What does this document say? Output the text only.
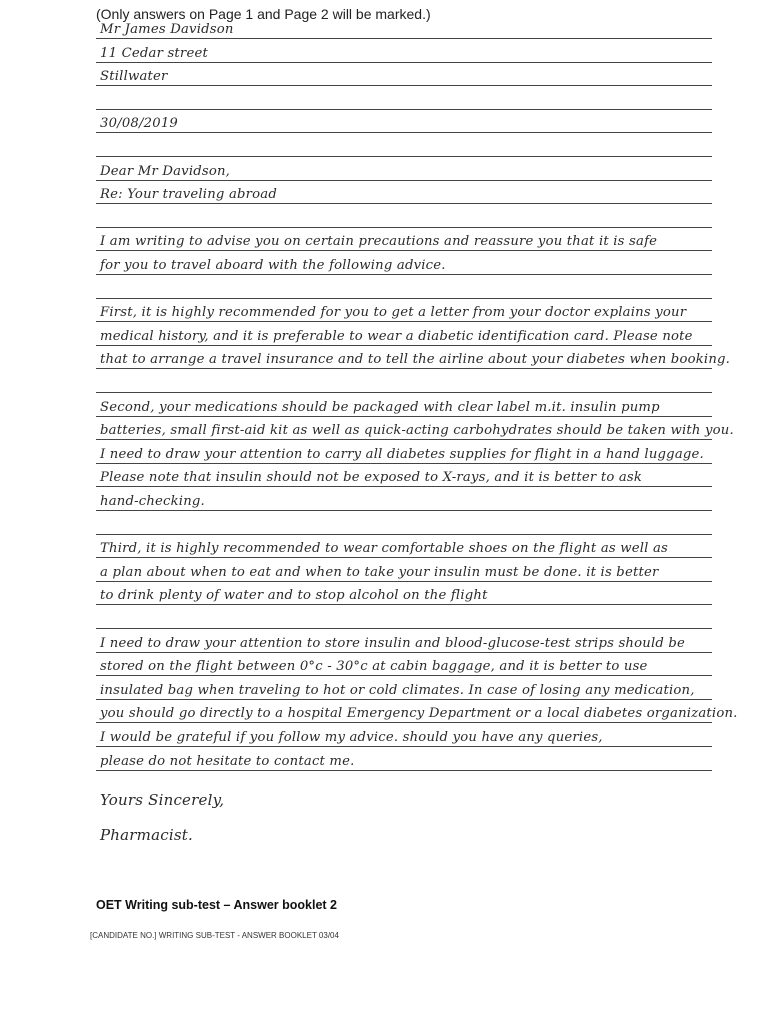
(Only answers on Page 1 and Page 2 will be marked.)
Mr James Davidson
11 Cedar street
Stillwater
30/08/2019
Dear Mr Davidson,
Re: Your traveling abroad
I am writing to advise you on certain precautions and reassure you that it is safe
for you to travel aboard with the following advice.
First, it is highly recommended for you to get a letter from your doctor explains your
medical history, and it is preferable to wear a diabetic identification card. Please note
that to arrange a travel insurance and to tell the airline about your diabetes when booking.
Second, your medications should be packaged with clear label m.it. insulin pump
batteries, small first-aid kit as well as quick-acting carbohydrates should be taken with you.
I need to draw your attention to carry all diabetes supplies for flight in a hand luggage.
Please note that insulin should not be exposed to X-rays, and it is better to ask
hand-checking.
Third, it is highly recommended to wear comfortable shoes on the flight as well as
a plan about when to eat and when to take your insulin must be done. it is better
to drink plenty of water and to stop alcohol on the flight
I need to draw your attention to store insulin and blood-glucose-test strips should be
stored on the flight between 0°c - 30°c at cabin baggage, and it is better to use
insulated bag when traveling to hot or cold climates. In case of losing any medication,
you should go directly to a hospital Emergency Department or a local diabetes organization.
I would be grateful if you follow my advice. should you have any queries,
please do not hesitate to contact me.
Yours Sincerely,
Pharmacist.
OET Writing sub-test – Answer booklet 2
[CANDIDATE NO.] WRITING SUB-TEST - ANSWER BOOKLET 03/04
